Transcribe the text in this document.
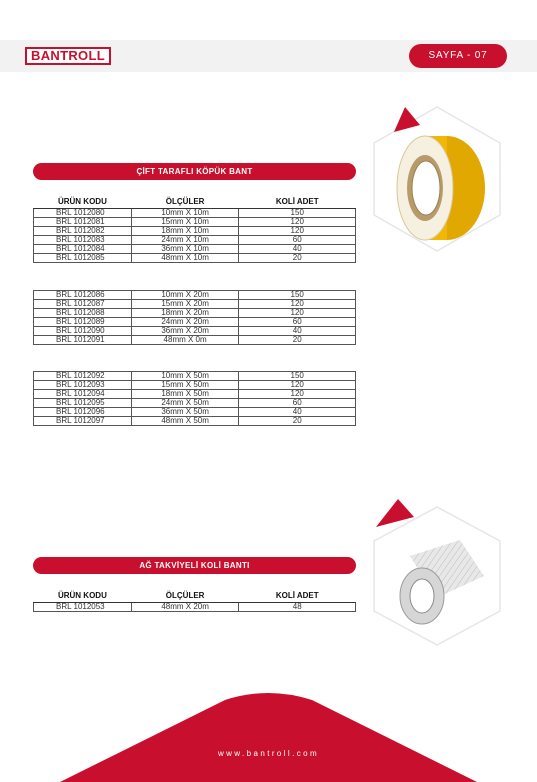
BANTROLL	SAYFA - 07
ÇİFT TARAFLI KÖPÜK BANT
ÜRÜN KODU	ÖLÇÜLER	KOLİ ADET
BRL 1012080	10mm X 10m	150
BRL 1012081	15mm X 10m	120
BRL 1012082	18mm X 10m	120
BRL 1012083	24mm X 10m	60
BRL 1012084	36mm X 10m	40
BRL 1012085	48mm X 10m	20
BRL 1012086	10mm X 20m	150
BRL 1012087	15mm X 20m	120
BRL 1012088	18mm X 20m	120
BRL 1012089	24mm X 20m	60
BRL 1012090	36mm X 20m	40
BRL 1012091	48mm X 0m	20
BRL 1012092	10mm X 50m	150
BRL 1012093	15mm X 50m	120
BRL 1012094	18mm X 50m	120
BRL 1012095	24mm X 50m	60
BRL 1012096	36mm X 50m	40
BRL 1012097	48mm X 50m	20
AĞ TAKVİYELİ KOLİ BANTI
ÜRÜN KODU	ÖLÇÜLER	KOLİ ADET
BRL 1012053	48mm X 20m	48
www.bantroll.com
